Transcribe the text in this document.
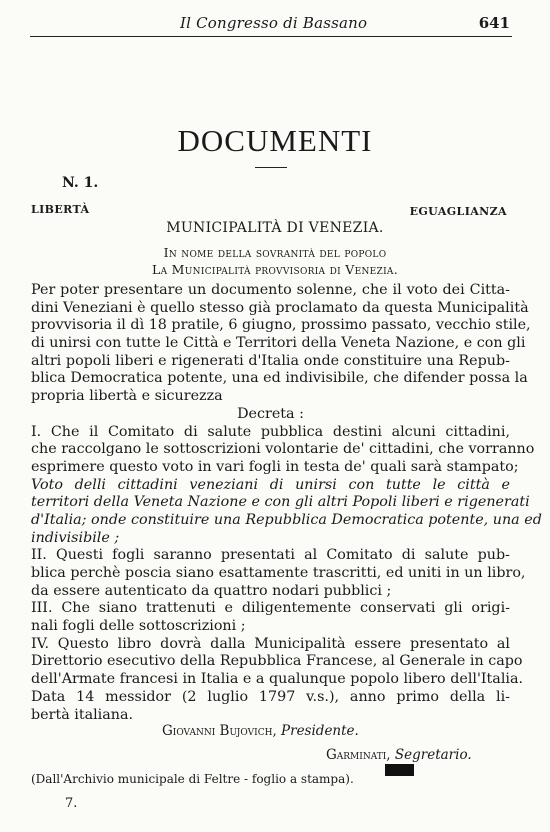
Il Congresso di Bassano	641
DOCUMENTI
N. 1.
LIBERTÀ	EGUAGLIANZA
MUNICIPALITÀ DI VENEZIA.
In nome della sovranità del popolo
La Municipalità provvisoria di Venezia.
Per poter presentare un documento solenne, che il voto dei Citta-
dini Veneziani è quello stesso già proclamato da questa Municipalità
provvisoria il dì 18 pratile, 6 giugno, prossimo passato, vecchio stile,
di unirsi con tutte le Città e Territori della Veneta Nazione, e con gli
altri popoli liberi e rigenerati d'Italia onde constituire una Repub-
blica Democratica potente, una ed indivisibile, che difender possa la
propria libertà e sicurezza
Decreta :
I. Che il Comitato di salute pubblica destini alcuni cittadini,
che raccolgano le sottoscrizioni volontarie de' cittadini, che vorranno
esprimere questo voto in vari fogli in testa de' quali sarà stampato;
Voto delli cittadini veneziani di unirsi con tutte le città e
territori della Veneta Nazione e con gli altri Popoli liberi e rigenerati
d'Italia; onde constituire una Repubblica Democratica potente, una ed
indivisibile ;
II. Questi fogli saranno presentati al Comitato di salute pub-
blica perchè poscia siano esattamente trascritti, ed uniti in un libro,
da essere autenticato da quattro nodari pubblici ;
III. Che siano trattenuti e diligentemente conservati gli origi-
nali fogli delle sottoscrizioni ;
IV. Questo libro dovrà dalla Municipalità essere presentato al
Direttorio esecutivo della Repubblica Francese, al Generale in capo
dell'Armate francesi in Italia e a qualunque popolo libero dell'Italia.
Data 14 messidor (2 luglio 1797 v.s.), anno primo della li-
bertà italiana.
Giovanni Bujovich, Presidente.
Garminati, Segretario.
(Dall'Archivio municipale di Feltre - foglio a stampa).
7.
